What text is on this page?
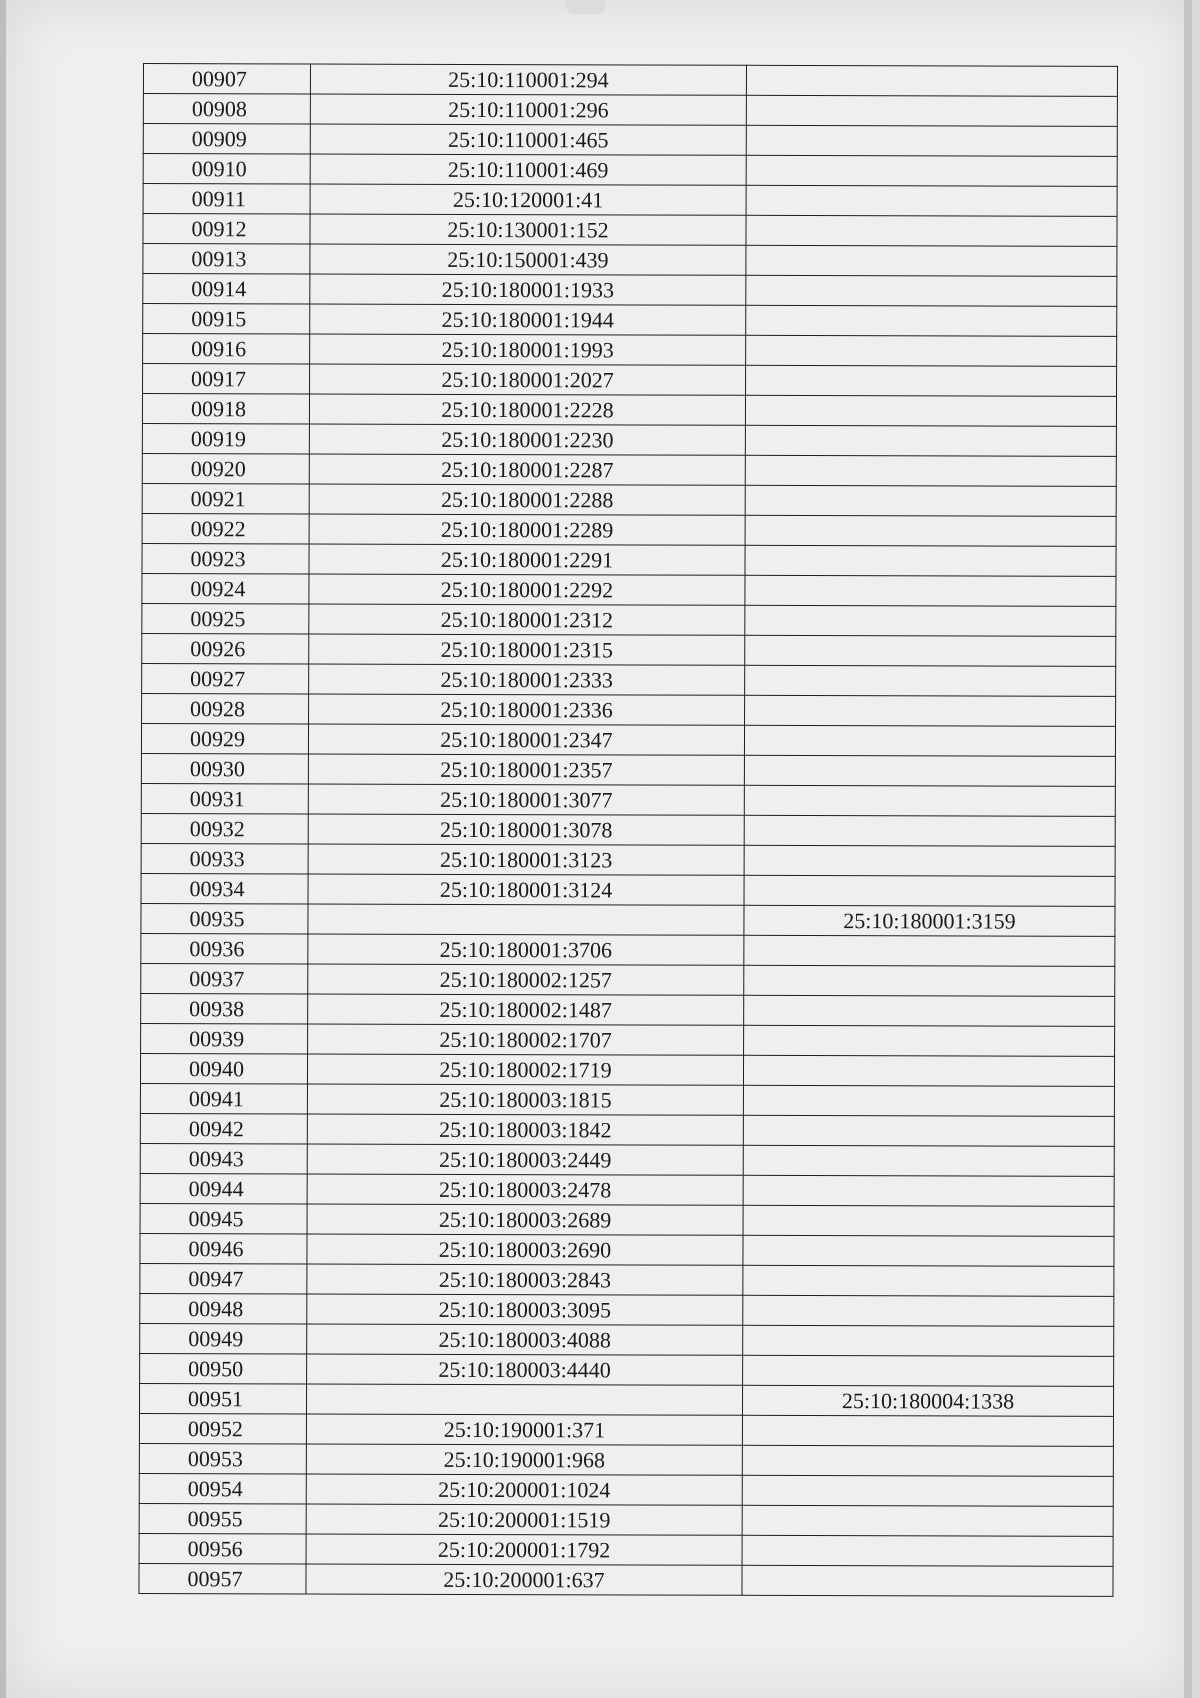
00907	25:10:110001:294	
00908	25:10:110001:296	
00909	25:10:110001:465	
00910	25:10:110001:469	
00911	25:10:120001:41	
00912	25:10:130001:152	
00913	25:10:150001:439	
00914	25:10:180001:1933	
00915	25:10:180001:1944	
00916	25:10:180001:1993	
00917	25:10:180001:2027	
00918	25:10:180001:2228	
00919	25:10:180001:2230	
00920	25:10:180001:2287	
00921	25:10:180001:2288	
00922	25:10:180001:2289	
00923	25:10:180001:2291	
00924	25:10:180001:2292	
00925	25:10:180001:2312	
00926	25:10:180001:2315	
00927	25:10:180001:2333	
00928	25:10:180001:2336	
00929	25:10:180001:2347	
00930	25:10:180001:2357	
00931	25:10:180001:3077	
00932	25:10:180001:3078	
00933	25:10:180001:3123	
00934	25:10:180001:3124	
00935		25:10:180001:3159
00936	25:10:180001:3706	
00937	25:10:180002:1257	
00938	25:10:180002:1487	
00939	25:10:180002:1707	
00940	25:10:180002:1719	
00941	25:10:180003:1815	
00942	25:10:180003:1842	
00943	25:10:180003:2449	
00944	25:10:180003:2478	
00945	25:10:180003:2689	
00946	25:10:180003:2690	
00947	25:10:180003:2843	
00948	25:10:180003:3095	
00949	25:10:180003:4088	
00950	25:10:180003:4440	
00951		25:10:180004:1338
00952	25:10:190001:371	
00953	25:10:190001:968	
00954	25:10:200001:1024	
00955	25:10:200001:1519	
00956	25:10:200001:1792	
00957	25:10:200001:637	
